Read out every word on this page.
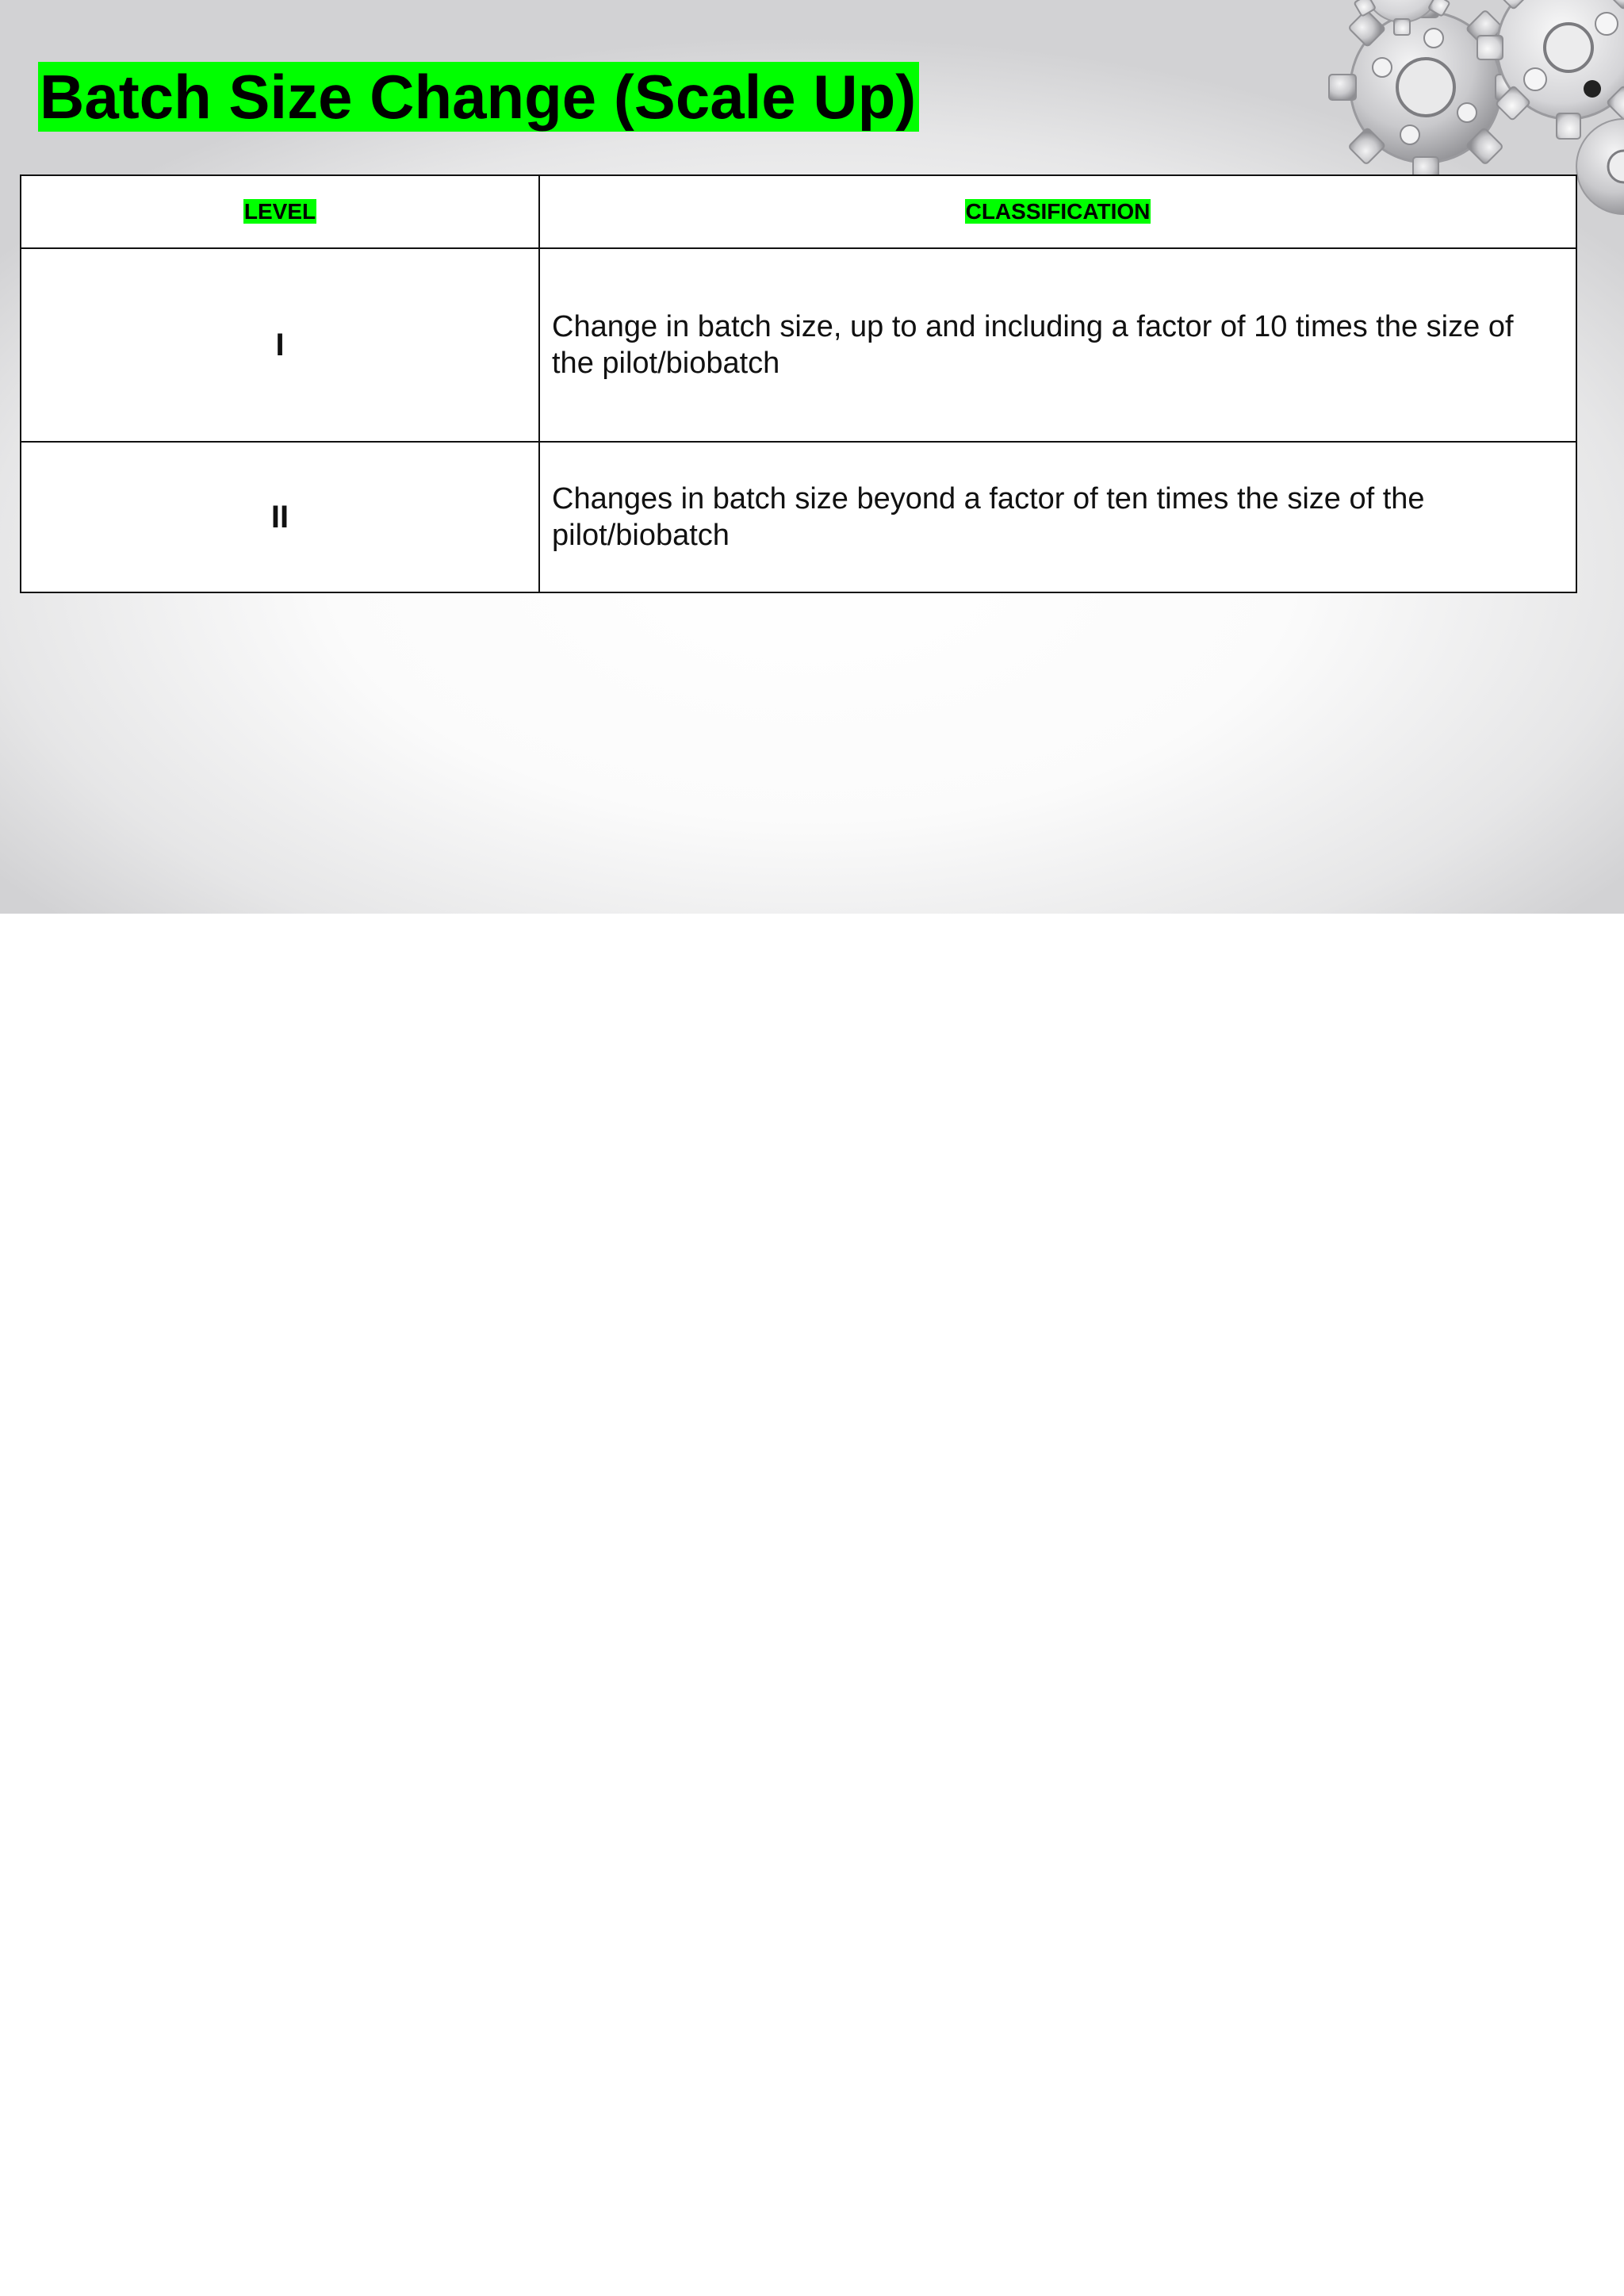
Batch Size Change (Scale Up)
LEVEL	CLASSIFICATION
I	Change in batch size, up to and including a factor of 10 times the size of the pilot/biobatch
II	Changes in batch size beyond a factor of ten times the size of the pilot/biobatch
